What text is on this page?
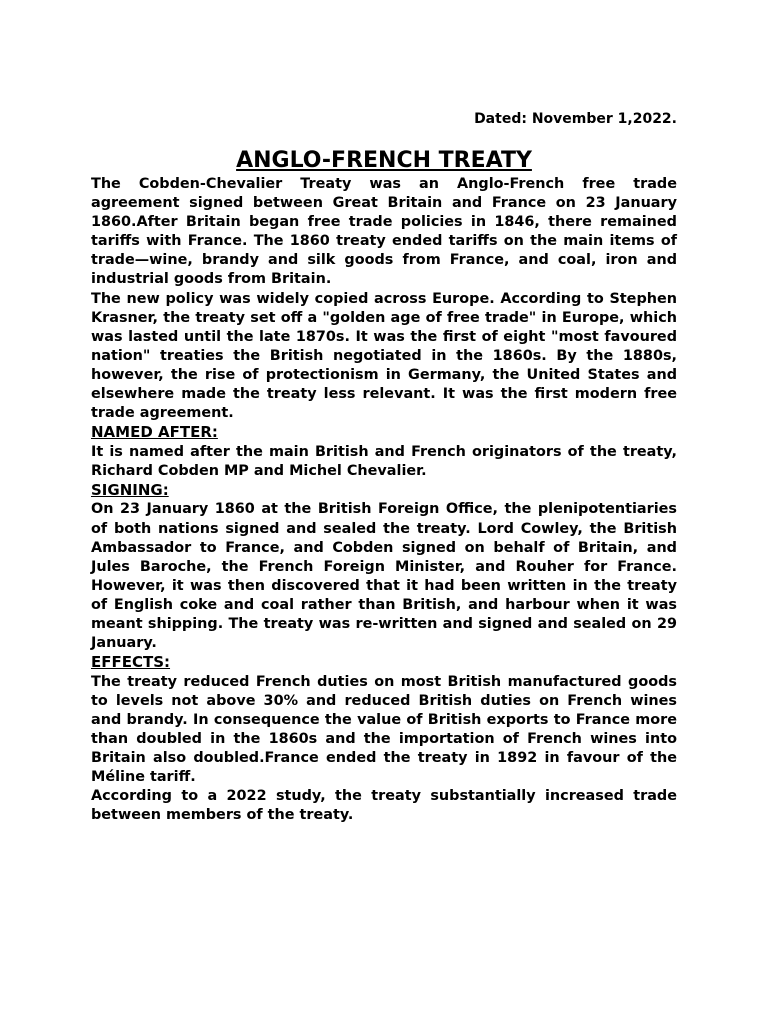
Dated: November 1,2022.

ANGLO-FRENCH TREATY

The Cobden-Chevalier Treaty was an Anglo-French free trade agreement signed between Great Britain and France on 23 January 1860.After Britain began free trade policies in 1846, there remained tariffs with France. The 1860 treaty ended tariffs on the main items of trade—wine, brandy and silk goods from France, and coal, iron and industrial goods from Britain.

The new policy was widely copied across Europe. According to Stephen Krasner, the treaty set off a "golden age of free trade" in Europe, which was lasted until the late 1870s. It was the first of eight "most favoured nation" treaties the British negotiated in the 1860s. By the 1880s, however, the rise of protectionism in Germany, the United States and elsewhere made the treaty less relevant. It was the first modern free trade agreement.

NAMED AFTER:

It is named after the main British and French originators of the treaty, Richard Cobden MP and Michel Chevalier.

SIGNING:

On 23 January 1860 at the British Foreign Office, the plenipotentiaries of both nations signed and sealed the treaty. Lord Cowley, the British Ambassador to France, and Cobden signed on behalf of Britain, and Jules Baroche, the French Foreign Minister, and Rouher for France. However, it was then discovered that it had been written in the treaty of English coke and coal rather than British, and harbour when it was meant shipping. The treaty was re-written and signed and sealed on 29 January.

EFFECTS:

The treaty reduced French duties on most British manufactured goods to levels not above 30% and reduced British duties on French wines and brandy. In consequence the value of British exports to France more than doubled in the 1860s and the importation of French wines into Britain also doubled.France ended the treaty in 1892 in favour of the Méline tariff.

According to a 2022 study, the treaty substantially increased trade between members of the treaty.
